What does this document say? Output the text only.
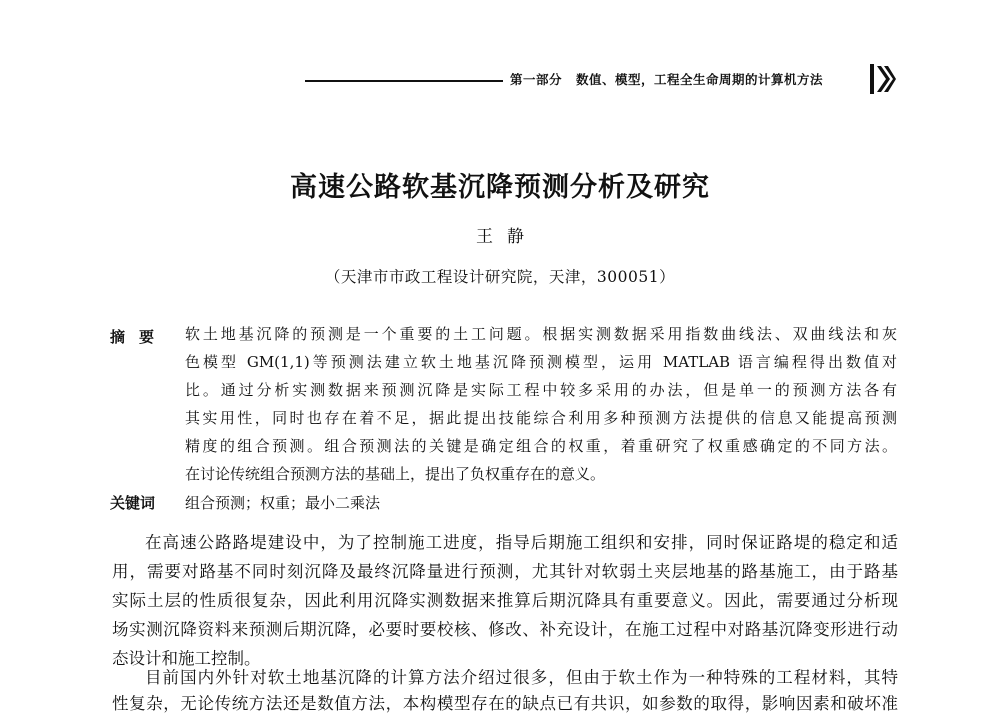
第一部分 数值、模型，工程全生命周期的计算机方法
高速公路软基沉降预测分析及研究
王静
（天津市市政工程设计研究院，天津，300051）
摘要 软土地基沉降的预测是一个重要的土工问题。根据实测数据采用指数曲线法、双曲线法和灰
色模型 GM(1,1)等预测法建立软土地基沉降预测模型，运用 MATLAB 语言编程得出数值对
比。通过分析实测数据来预测沉降是实际工程中较多采用的办法，但是单一的预测方法各有
其实用性，同时也存在着不足，据此提出技能综合利用多种预测方法提供的信息又能提高预测
精度的组合预测。组合预测法的关键是确定组合的权重，着重研究了权重感确定的不同方法。
在讨论传统组合预测方法的基础上，提出了负权重存在的意义。
关键词 组合预测；权重；最小二乘法
在高速公路路堤建设中，为了控制施工进度，指导后期施工组织和安排，同时保证路堤的稳定和适
用，需要对路基不同时刻沉降及最终沉降量进行预测，尤其针对软弱土夹层地基的路基施工，由于路基
实际土层的性质很复杂，因此利用沉降实测数据来推算后期沉降具有重要意义。因此，需要通过分析现
场实测沉降资料来预测后期沉降，必要时要校核、修改、补充设计，在施工过程中对路基沉降变形进行动
态设计和施工控制。
目前国内外针对软土地基沉降的计算方法介绍过很多，但由于软土作为一种特殊的工程材料，其特
性复杂，无论传统方法还是数值方法，本构模型存在的缺点已有共识，如参数的取得，影响因素和破坏准
